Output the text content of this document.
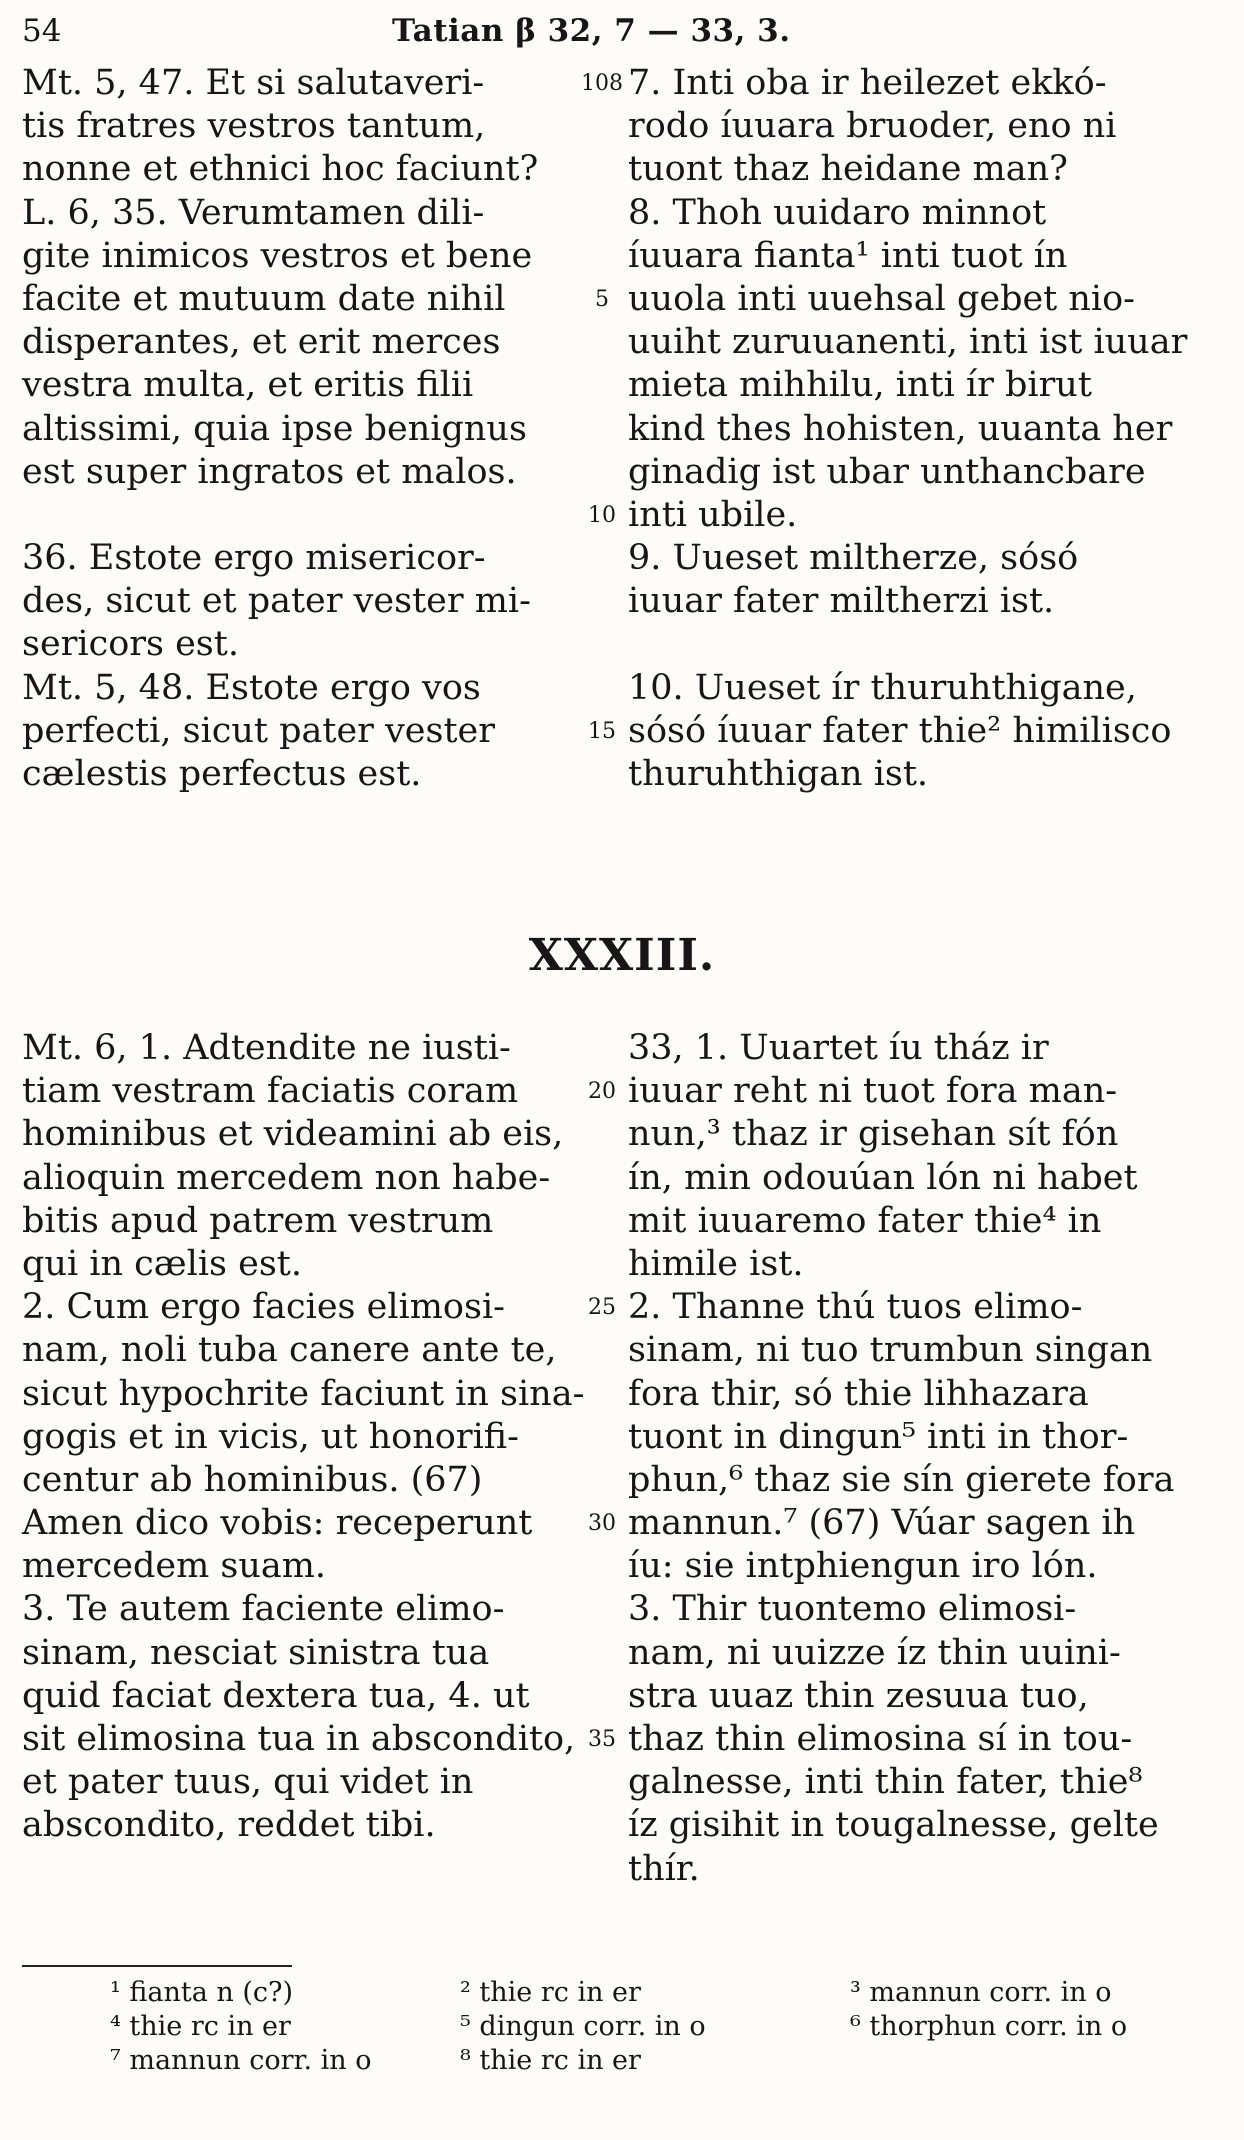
54	Tatian β 32, 7 — 33, 3.
Mt. 5, 47. Et si salutaveri-
tis fratres vestros tantum,
nonne et ethnici hoc faciunt?
L. 6, 35. Verumtamen dili-
gite inimicos vestros et bene
facite et mutuum date nihil
disperantes, et erit merces
vestra multa, et eritis filii
altissimi, quia ipse benignus
est super ingratos et malos.
36. Estote ergo misericor-
des, sicut et pater vester mi-
sericors est.
Mt. 5, 48. Estote ergo vos
perfecti, sicut pater vester
cælestis perfectus est.
7. Inti oba ir heilezet ekkó-
rodo íuuara bruoder, eno ni
tuont thaz heidane man?
8. Thoh uuidaro minnot
íuuara fianta¹ inti tuot ín
uuola inti uuehsal gebet nio-
uuiht zuruuanenti, inti ist iuuar
mieta mihhilu, inti ír birut
kind thes hohisten, uuanta her
ginadig ist ubar unthancbare
inti ubile.
9. Uueset miltherze, sósó
iuuar fater miltherzi ist.
10. Uueset ír thuruhthigane,
sósó íuuar fater thie² himilisco
thuruhthigan ist.
108
5
10
15
XXXIII.
Mt. 6, 1. Adtendite ne iusti-
tiam vestram faciatis coram
hominibus et videamini ab eis,
alioquin mercedem non habe-
bitis apud patrem vestrum
qui in cælis est.
2. Cum ergo facies elimosi-
nam, noli tuba canere ante te,
sicut hypochrite faciunt in sina-
gogis et in vicis, ut honorifi-
centur ab hominibus. (67)
Amen dico vobis: receperunt
mercedem suam.
3. Te autem faciente elimo-
sinam, nesciat sinistra tua
quid faciat dextera tua, 4. ut
sit elimosina tua in abscondito,
et pater tuus, qui videt in
abscondito, reddet tibi.
33, 1. Uuartet íu tház ir
iuuar reht ni tuot fora man-
nun,³ thaz ir gisehan sít fón
ín, min odouúan lón ni habet
mit iuuaremo fater thie⁴ in
himile ist.
2. Thanne thú tuos elimo-
sinam, ni tuo trumbun singan
fora thir, só thie lihhazara
tuont in dingun⁵ inti in thor-
phun,⁶ thaz sie sín gierete fora
mannun.⁷ (67) Vúar sagen ih
íu: sie intphiengun iro lón.
3. Thir tuontemo elimosi-
nam, ni uuizze íz thin uuini-
stra uuaz thin zesuua tuo,
thaz thin elimosina sí in tou-
galnesse, inti thin fater, thie⁸
íz gisihit in tougalnesse, gelte
thír.
20
25
30
35
¹ fianta n (c?)
⁴ thie rc in er
⁷ mannun corr. in o
² thie rc in er
⁵ dingun corr. in o
⁸ thie rc in er
³ mannun corr. in o
⁶ thorphun corr. in o
